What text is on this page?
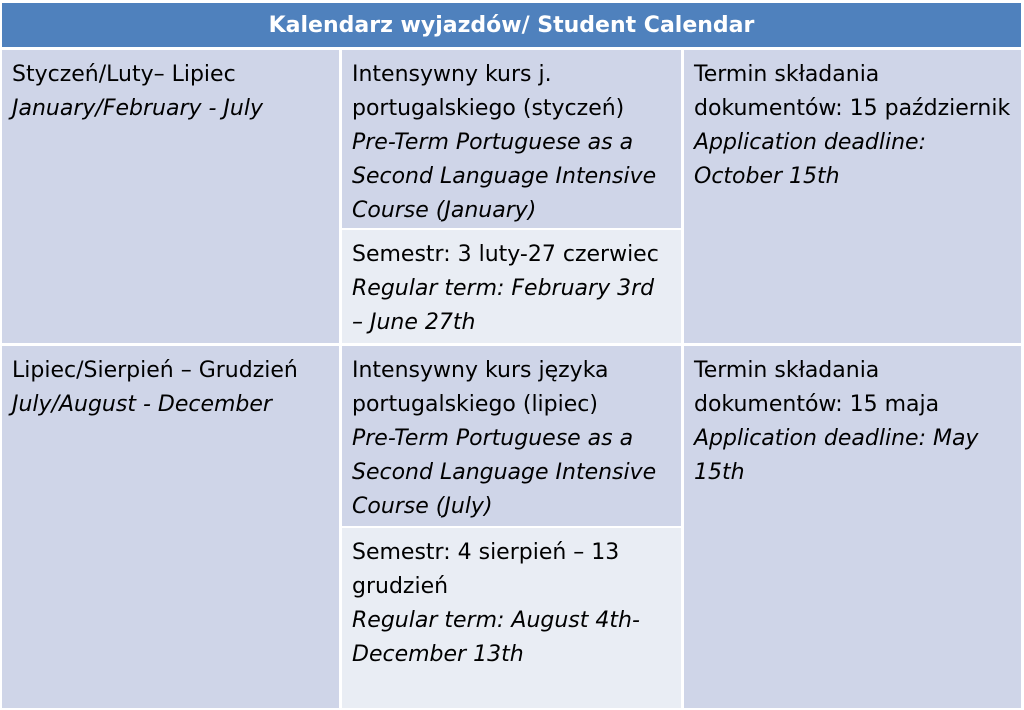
Kalendarz wyjazdów/ Student Calendar
Styczeń/Luty– Lipiec
January/February - July
Intensywny kurs j. portugalskiego (styczeń)
Pre-Term Portuguese as a Second Language Intensive Course (January)
Semestr: 3 luty-27 czerwiec
Regular term: February 3rd – June 27th
Termin składania dokumentów: 15 październik
Application deadline: October 15th
Lipiec/Sierpień – Grudzień
July/August - December
Intensywny kurs języka portugalskiego (lipiec)
Pre-Term Portuguese as a Second Language Intensive Course (July)
Semestr: 4 sierpień – 13 grudzień
Regular term: August 4th-December 13th
Termin składania dokumentów: 15 maja
Application deadline: May 15th
